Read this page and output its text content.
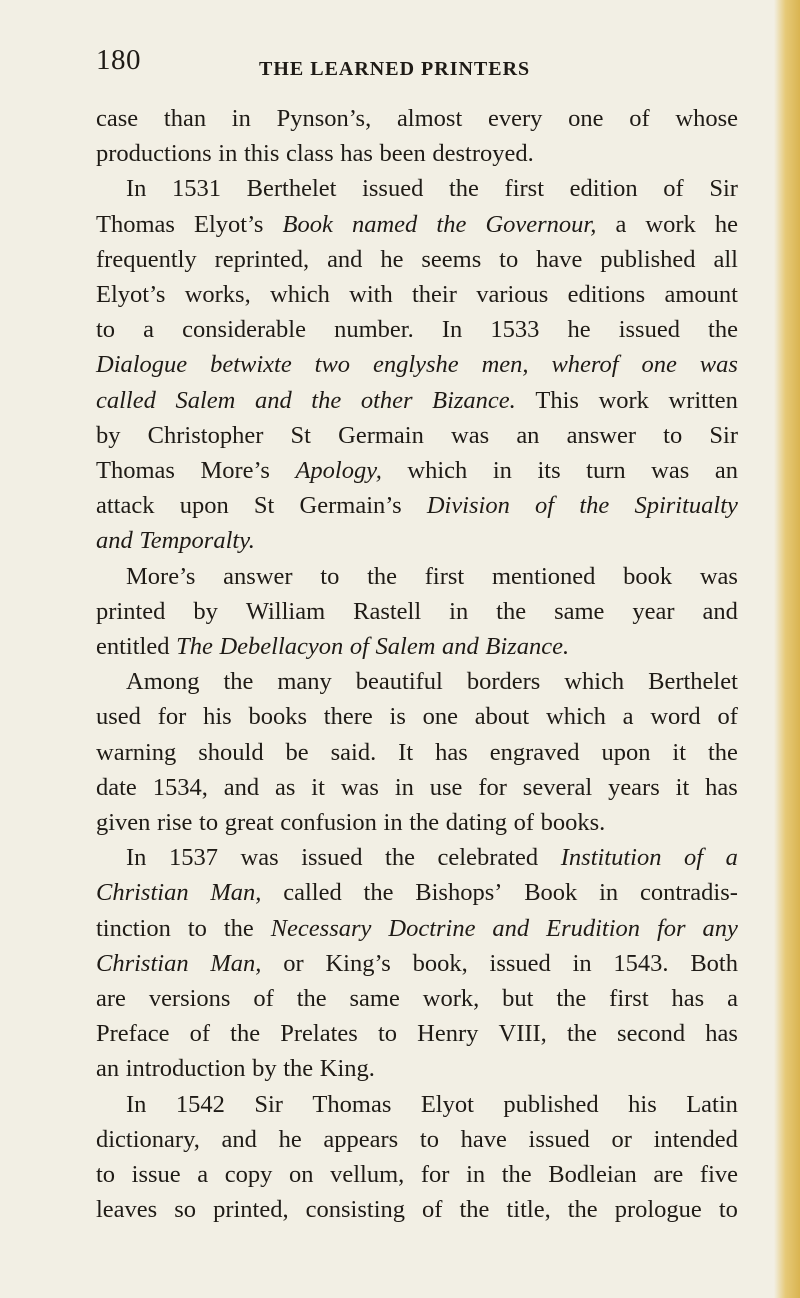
180	THE LEARNED PRINTERS
case than in Pynson’s, almost every one of whose
productions in this class has been destroyed.
In 1531 Berthelet issued the first edition of Sir
Thomas Elyot’s Book named the Governour, a work he
frequently reprinted, and he seems to have published all
Elyot’s works, which with their various editions amount
to a considerable number. In 1533 he issued the
Dialogue betwixte two englyshe men, wherof one was
called Salem and the other Bizance. This work written
by Christopher St Germain was an answer to Sir
Thomas More’s Apology, which in its turn was an
attack upon St Germain’s Division of the Spiritualty
and Temporalty.
More’s answer to the first mentioned book was
printed by William Rastell in the same year and
entitled The Debellacyon of Salem and Bizance.
Among the many beautiful borders which Berthelet
used for his books there is one about which a word of
warning should be said. It has engraved upon it the
date 1534, and as it was in use for several years it has
given rise to great confusion in the dating of books.
In 1537 was issued the celebrated Institution of a
Christian Man, called the Bishops’ Book in contradis-
tinction to the Necessary Doctrine and Erudition for any
Christian Man, or King’s book, issued in 1543. Both
are versions of the same work, but the first has a
Preface of the Prelates to Henry VIII, the second has
an introduction by the King.
In 1542 Sir Thomas Elyot published his Latin
dictionary, and he appears to have issued or intended
to issue a copy on vellum, for in the Bodleian are five
leaves so printed, consisting of the title, the prologue to
